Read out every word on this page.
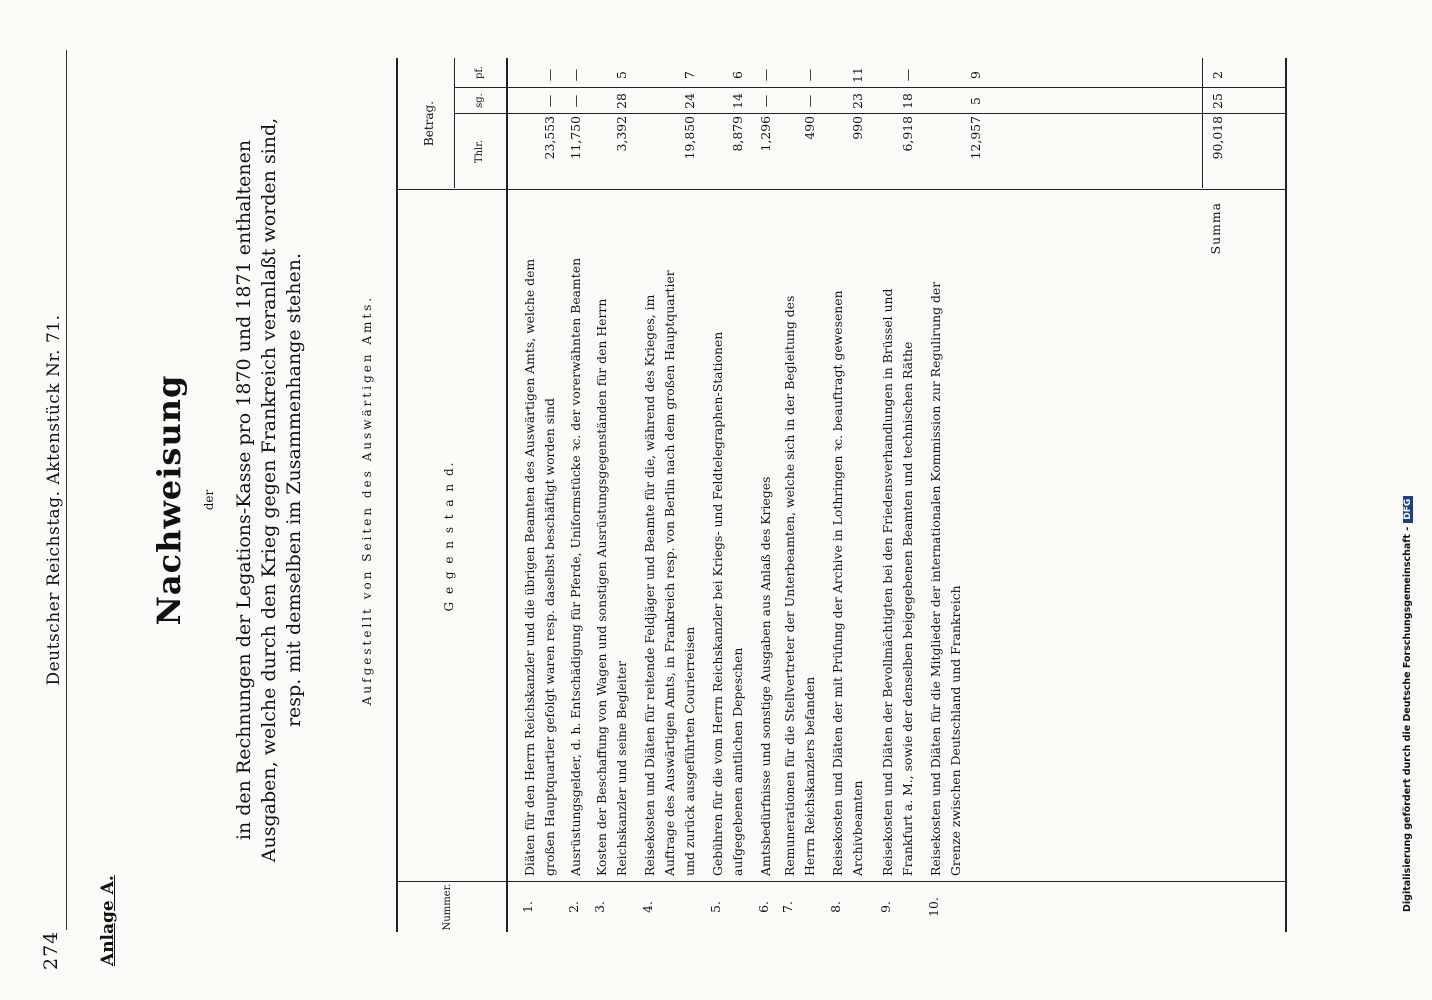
274
Deutscher Reichstag. Aktenstück Nr. 71.
Anlage A.
Nachweisung der in den Rechnungen der Legations-Kasse pro 1870 und 1871 enthaltenen Ausgaben, welche durch den Krieg gegen Frankreich veranlaßt worden sind, resp. mit demselben im Zusammenhange stehen.	Aufgestellt von Seiten des Auswärtigen Amts.
Nummer.
G e g e n s t a n d.
Betrag.
Thlr.
sg.
pf.
1.
Diäten für den Herrn Reichskanzler und die übrigen Beamten des Auswärtigen Amts, welche dem großen Hauptquartier gefolgt waren resp. daselbst beschäftigt worden sind
23,553
—
—
2.
Ausrüstungsgelder, d. h. Entschädigung für Pferde, Uniformstücke ꝛc. der vorerwähnten Beamten
11,750
—
—
3.
Kosten der Beschaffung von Wagen und sonstigen Ausrüstungsgegenständen für den Herrn Reichskanzler und seine Begleiter
3,392
28
5
4.
Reisekosten und Diäten für reitende Feldjäger und Beamte für die, während des Krieges, im Auftrage des Auswärtigen Amts, in Frankreich resp. von Berlin nach dem großen Hauptquartier und zurück ausgeführten Courierreisen
19,850
24
7
5.
Gebühren für die vom Herrn Reichskanzler bei Kriegs- und Feldtelegraphen-Stationen aufgegebenen amtlichen Depeschen
8,879
14
6
6.
Amtsbedürfnisse und sonstige Ausgaben aus Anlaß des Krieges
1,296
—
—
7.
Remunerationen für die Stellvertreter der Unterbeamten, welche sich in der Begleitung des Herrn Reichskanzlers befanden
490
—
—
8.
Reisekosten und Diäten der mit Prüfung der Archive in Lothringen ꝛc. beauftragt gewesenen Archivbeamten
990
23
11
9.
Reisekosten und Diäten der Bevollmächtigten bei den Friedensverhandlungen in Brüssel und Frankfurt a. M., sowie der denselben beigegebenen Beamten und technischen Räthe
6,918
18
—
10.
Reisekosten und Diäten für die Mitglieder der internationalen Kommission zur Regulirung der Grenze zwischen Deutschland und Frankreich
12,957
5
9
Summa
90,018
25
2
Digitalisierung gefördert durch die Deutsche Forschungsgemeinschaft -DFG
